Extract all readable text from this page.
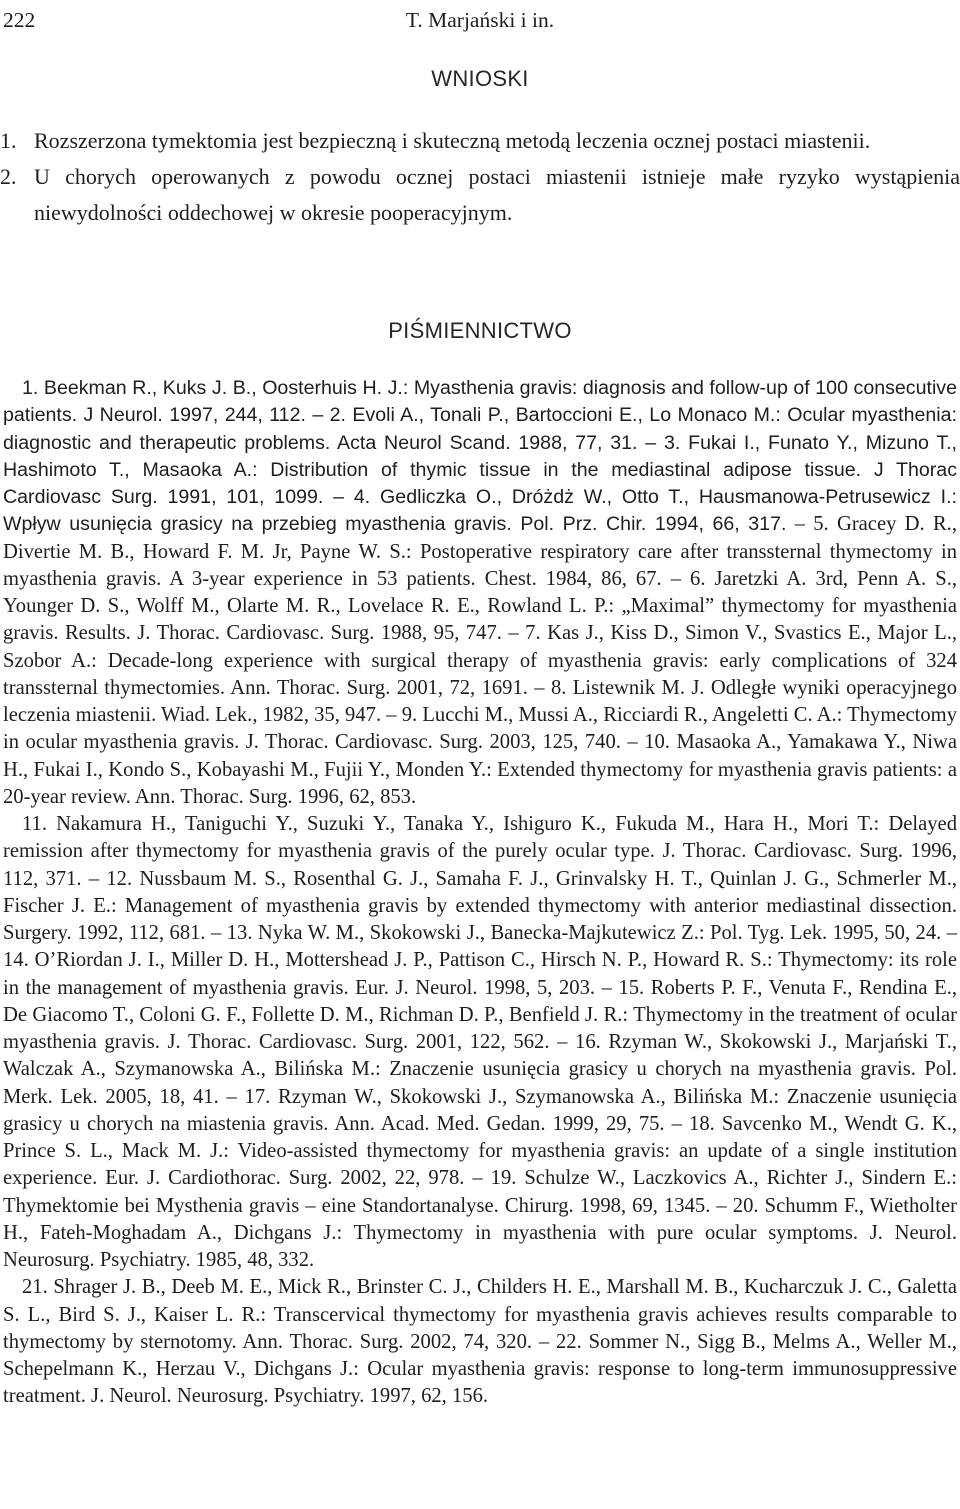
222	T. Marjański i in.
WNIOSKI

1. Rozszerzona tymektomia jest bezpieczną i skuteczną metodą leczenia ocznej postaci miastenii.

2. U chorych operowanych z powodu ocznej postaci miastenii istnieje małe ryzyko wystąpienia niewydolności oddechowej w okresie pooperacyjnym.

PIŚMIENNICTWO

1. Beekman R., Kuks J. B., Oosterhuis H. J.: Myasthenia gravis: diagnosis and follow-up of 100 consecutive patients. J Neurol. 1997, 244, 112. – 2. Evoli A., Tonali P., Bartoccioni E., Lo Monaco M.: Ocular myasthenia: diagnostic and therapeutic problems. Acta Neurol Scand. 1988, 77, 31. – 3. Fukai I., Funato Y., Mizuno T., Hashimoto T., Masaoka A.: Distribution of thymic tissue in the mediastinal adipose tissue. J Thorac Cardiovasc Surg. 1991, 101, 1099. – 4. Gedliczka O., Dróżdż W., Otto T., Hausmanowa-Petrusewicz I.: Wpływ usunięcia grasicy na przebieg myasthenia gravis. Pol. Prz. Chir. 1994, 66, 317. – 5. Gracey D. R., Divertie M. B., Howard F. M. Jr, Payne W. S.: Postoperative respiratory care after transsternal thymectomy in myasthenia gravis. A 3-year experience in 53 patients. Chest. 1984, 86, 67. – 6. Jaretzki A. 3rd, Penn A. S., Younger D. S., Wolff M., Olarte M. R., Lovelace R. E., Rowland L. P.: „Maximal” thymectomy for myasthenia gravis. Results. J. Thorac. Cardiovasc. Surg. 1988, 95, 747. – 7. Kas J., Kiss D., Simon V., Svastics E., Major L., Szobor A.: Decade-long experience with surgical therapy of myasthenia gravis: early complications of 324 transsternal thymectomies. Ann. Thorac. Surg. 2001, 72, 1691. – 8. Listewnik M. J. Odległe wyniki operacyjnego leczenia miastenii. Wiad. Lek., 1982, 35, 947. – 9. Lucchi M., Mussi A., Ricciardi R., Angeletti C. A.: Thymectomy in ocular myasthenia gravis. J. Thorac. Cardiovasc. Surg. 2003, 125, 740. – 10. Masaoka A., Yamakawa Y., Niwa H., Fukai I., Kondo S., Kobayashi M., Fujii Y., Monden Y.: Extended thymectomy for myasthenia gravis patients: a 20-year review. Ann. Thorac. Surg. 1996, 62, 853.

11. Nakamura H., Taniguchi Y., Suzuki Y., Tanaka Y., Ishiguro K., Fukuda M., Hara H., Mori T.: Delayed remission after thymectomy for myasthenia gravis of the purely ocular type. J. Thorac. Cardiovasc. Surg. 1996, 112, 371. – 12. Nussbaum M. S., Rosenthal G. J., Samaha F. J., Grinvalsky H. T., Quinlan J. G., Schmerler M., Fischer J. E.: Management of myasthenia gravis by extended thymectomy with anterior mediastinal dissection. Surgery. 1992, 112, 681. – 13. Nyka W. M., Skokowski J., Banecka-Majkutewicz Z.: Pol. Tyg. Lek. 1995, 50, 24. – 14. O’Riordan J. I., Miller D. H., Mottershead J. P., Pattison C., Hirsch N. P., Howard R. S.: Thymectomy: its role in the management of myasthenia gravis. Eur. J. Neurol. 1998, 5, 203. – 15. Roberts P. F., Venuta F., Rendina E., De Giacomo T., Coloni G. F., Follette D. M., Richman D. P., Benfield J. R.: Thymectomy in the treatment of ocular myasthenia gravis. J. Thorac. Cardiovasc. Surg. 2001, 122, 562. – 16. Rzyman W., Skokowski J., Marjański T., Walczak A., Szymanowska A., Bilińska M.: Znaczenie usunięcia grasicy u chorych na myasthenia gravis. Pol. Merk. Lek. 2005, 18, 41. – 17. Rzyman W., Skokowski J., Szymanowska A., Bilińska M.: Znaczenie usunięcia grasicy u chorych na miastenia gravis. Ann. Acad. Med. Gedan. 1999, 29, 75. – 18. Savcenko M., Wendt G. K., Prince S. L., Mack M. J.: Video-assisted thymectomy for myasthenia gravis: an update of a single institution experience. Eur. J. Cardiothorac. Surg. 2002, 22, 978. – 19. Schulze W., Laczkovics A., Richter J., Sindern E.: Thymektomie bei Mysthenia gravis – eine Standortanalyse. Chirurg. 1998, 69, 1345. – 20. Schumm F., Wietholter H., Fateh-Moghadam A., Dichgans J.: Thymectomy in myasthenia with pure ocular symptoms. J. Neurol. Neurosurg. Psychiatry. 1985, 48, 332.

21. Shrager J. B., Deeb M. E., Mick R., Brinster C. J., Childers H. E., Marshall M. B., Kucharczuk J. C., Galetta S. L., Bird S. J., Kaiser L. R.: Transcervical thymectomy for myasthenia gravis achieves results comparable to thymectomy by sternotomy. Ann. Thorac. Surg. 2002, 74, 320. – 22. Sommer N., Sigg B., Melms A., Weller M., Schepelmann K., Herzau V., Dichgans J.: Ocular myasthenia gravis: response to long-term immunosuppressive treatment. J. Neurol. Neurosurg. Psychiatry. 1997, 62, 156.
